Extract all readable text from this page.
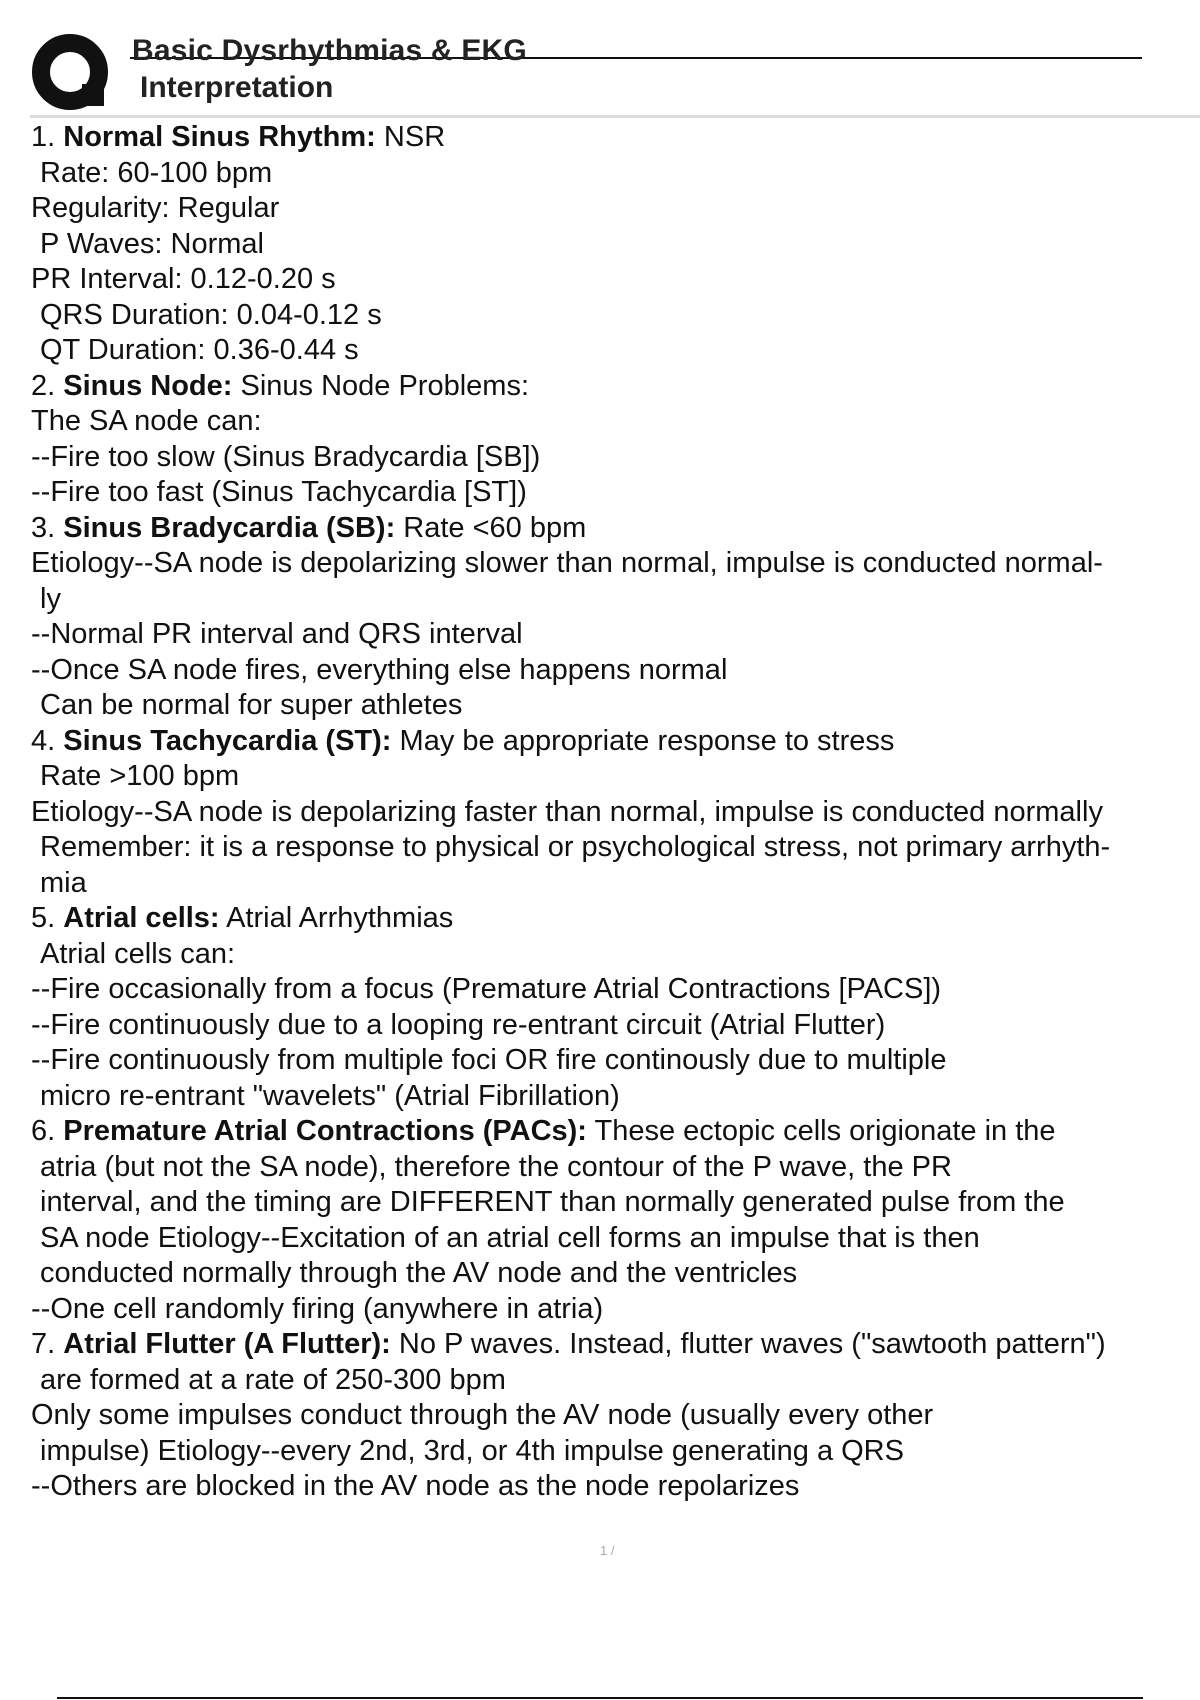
Basic Dysrhythmias & EKG
Interpretation
1. Normal Sinus Rhythm: NSR
Rate: 60-100 bpm
Regularity: Regular
P Waves: Normal
PR Interval: 0.12-0.20 s
QRS Duration: 0.04-0.12 s
QT Duration: 0.36-0.44 s
2. Sinus Node: Sinus Node Problems:
The SA node can:
--Fire too slow (Sinus Bradycardia [SB])
--Fire too fast (Sinus Tachycardia [ST])
3. Sinus Bradycardia (SB): Rate <60 bpm
Etiology--SA node is depolarizing slower than normal, impulse is conducted normal-
ly
--Normal PR interval and QRS interval
--Once SA node fires, everything else happens normal
Can be normal for super athletes
4. Sinus Tachycardia (ST): May be appropriate response to stress
Rate >100 bpm
Etiology--SA node is depolarizing faster than normal, impulse is conducted normally
Remember: it is a response to physical or psychological stress, not primary arrhyth-
mia
5. Atrial cells: Atrial Arrhythmias
Atrial cells can:
--Fire occasionally from a focus (Premature Atrial Contractions [PACS])
--Fire continuously due to a looping re-entrant circuit (Atrial Flutter)
--Fire continuously from multiple foci OR fire continously due to multiple
micro re-entrant "wavelets" (Atrial Fibrillation)
6. Premature Atrial Contractions (PACs): These ectopic cells origionate in the
atria (but not the SA node), therefore the contour of the P wave, the PR
interval, and the timing are DIFFERENT than normally generated pulse from the
SA node Etiology--Excitation of an atrial cell forms an impulse that is then
conducted normally through the AV node and the ventricles
--One cell randomly firing (anywhere in atria)
7. Atrial Flutter (A Flutter): No P waves. Instead, flutter waves ("sawtooth pattern")
are formed at a rate of 250-300 bpm
Only some impulses conduct through the AV node (usually every other
impulse) Etiology--every 2nd, 3rd, or 4th impulse generating a QRS
--Others are blocked in the AV node as the node repolarizes
1 /
